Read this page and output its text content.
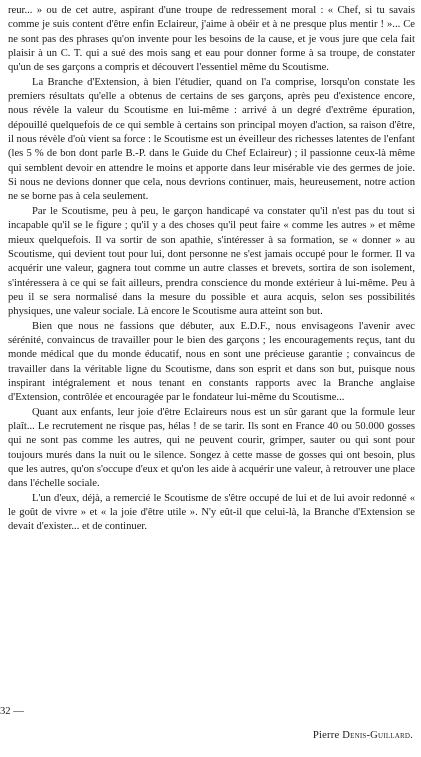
reur... » ou de cet autre, aspirant d'une troupe de redressement moral : « Chef, si tu savais comme je suis content d'être enfin Eclaireur, j'aime à obéir et à ne presque plus mentir ! »... Ce ne sont pas des phrases qu'on invente pour les besoins de la cause, et je vous jure que cela fait plaisir à un C. T. qui a sué des mois sang et eau pour donner forme à sa troupe, de constater qu'un de ses garçons a compris et découvert l'essentiel même du Scoutisme.

La Branche d'Extension, à bien l'étudier, quand on l'a comprise, lorsqu'on constate les premiers résultats qu'elle a obtenus de certains de ses garçons, après peu d'existence encore, nous révèle la valeur du Scoutisme en lui-même : arrivé à un degré d'extrême épuration, dépouillé quelquefois de ce qui semble à certains son principal moyen d'action, sa raison d'être, il nous révèle d'où vient sa force : le Scoutisme est un éveilleur des richesses latentes de l'enfant (les 5 % de bon dont parle B.-P. dans le Guide du Chef Eclaireur) ; il passionne ceux-là même qui semblent devoir en attendre le moins et apporte dans leur misérable vie des germes de joie. Si nous ne devions donner que cela, nous devrions continuer, mais, heureusement, notre action ne se borne pas à cela seulement.

Par le Scoutisme, peu à peu, le garçon handicapé va constater qu'il n'est pas du tout si incapable qu'il se le figure ; qu'il y a des choses qu'il peut faire « comme les autres » et même mieux quelquefois. Il va sortir de son apathie, s'intéresser à sa formation, se « donner » au Scoutisme, qui devient tout pour lui, dont personne ne s'est jamais occupé pour le former. Il va acquérir une valeur, gagnera tout comme un autre classes et brevets, sortira de son isolement, s'intéressera à ce qui se fait ailleurs, prendra conscience du monde extérieur à lui-même. Peu à peu il se sera normalisé dans la mesure du possible et aura acquis, selon ses possibilités physiques, une valeur sociale. Là encore le Scoutisme aura atteint son but.

Bien que nous ne fassions que débuter, aux E.D.F., nous envisageons l'avenir avec sérénité, convaincus de travailler pour le bien des garçons ; les encouragements reçus, tant du monde médical que du monde éducatif, nous en sont une précieuse garantie ; convaincus de travailler dans la véritable ligne du Scoutisme, dans son esprit et dans son but, puisque nous inspirant intégralement et nous tenant en constants rapports avec la Branche anglaise d'Extension, contrôlée et encouragée par le fondateur lui-même du Scoutisme...

Quant aux enfants, leur joie d'être Eclaireurs nous est un sûr garant que la formule leur plaît... Le recrutement ne risque pas, hélas ! de se tarir. Ils sont en France 40 ou 50.000 gosses qui ne sont pas comme les autres, qui ne peuvent courir, grimper, sauter ou qui sont pour toujours murés dans la nuit ou le silence. Songez à cette masse de gosses qui ont besoin, plus que les autres, qu'on s'occupe d'eux et qu'on les aide à acquérir une valeur, à retrouver une place dans l'échelle sociale.

L'un d'eux, déjà, a remercié le Scoutisme de s'être occupé de lui et de lui avoir redonné « le goût de vivre » et « la joie d'être utile ». N'y eût-il que celui-là, la Branche d'Extension se devait d'exister... et de continuer.

32 —
Pierre Denis-Guillard.
